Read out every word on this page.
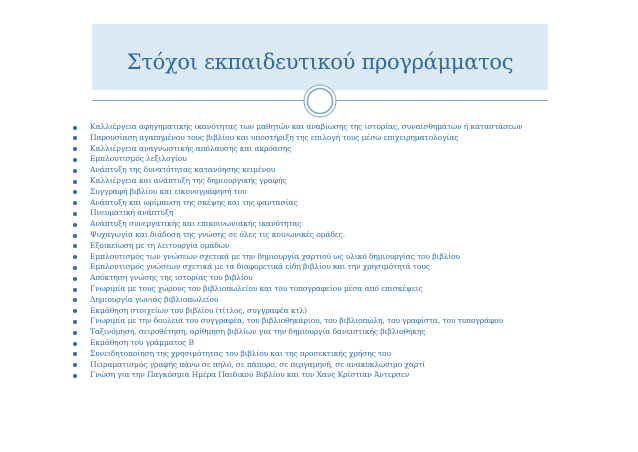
Στόχοι εκπαιδευτικού προγράμματος
Καλλιέργεια αφηγηματικής ικανότητας των μαθητών και αναβίωσης της ιστορίας, συναισθημάτων ή καταστάσεων
Παρουσίαση αγαπημένου τους βιβλίου και υποστήριξη της επιλογή τους μέσω επιχειρηματολογίας
Καλλιέργεια αναγνωστικής απόλαυσης και ακρόασης
Εμπλουτισμός λεξιλογίου
Ανάπτυξη της δυνατότητας κατανόησης κειμένου
Καλλιέργεια και ανάπτυξη της δημιουργικής γραφής
Συγγραφή βιβλίου και εικονογράφησή του
Ανάπτυξη και ωρίμανση της σκέψης και της φαντασίας
Πνευματική ανάπτυξη
Ανάπτυξη συνεργατικής και επικοινωνιακής ικανότητας
Ψυχαγωγία και διάδοση της γνώσης σε όλες τις κοινωνικές ομάδες.
Εξοικείωση με τη λειτουργία ομάδων
Εμπλουτισμός των γνώσεων σχετικά με την δημιουργία χαρτιού ως υλικό δημιουργίας του βιβλίου
Εμπλουτισμός γνώσεων σχετικά με τα διαφορετικά είδη βιβλίου και την χρησιμότητά τους
Απόκτηση γνώσης της ιστορίας του βιβλίου
Γνωριμία με τους χώρους του βιβλιοπωλείου και του τυπογραφείου μέσα από επισκέψεις
Δημιουργία γωνιάς βιβλιοπωλείου
Εκμάθηση στοιχείων του βιβλίου (τίτλος, συγγραφέα κτλ)
Γνωριμία με την δουλειά του συγγραφέα, του βιβλιοθηκάριου, του βιβλιοπώλη, του γραφίστα, του τυπογράφου
Ταξινόμηση, σειροθέτηση, αρίθμηση βιβλίων για την δημιουργία δανειστικής βιβλιοθήκης
Εκμάθηση του γράμματος Β
Συνειδητοποίηση της χρησιμότητας του βιβλίου και της προσεκτικής χρήσης του
Πειραματισμός γραφής πάνω σε πηλό, σε πάπυρο, σε περγαμηνή, σε ανακυκλώσιμο χαρτί
Γνώση για την Παγκόσμια Ημέρα Παιδικού Βιβλίου και τον Χανς Κρίστιαν Άντερσεν
